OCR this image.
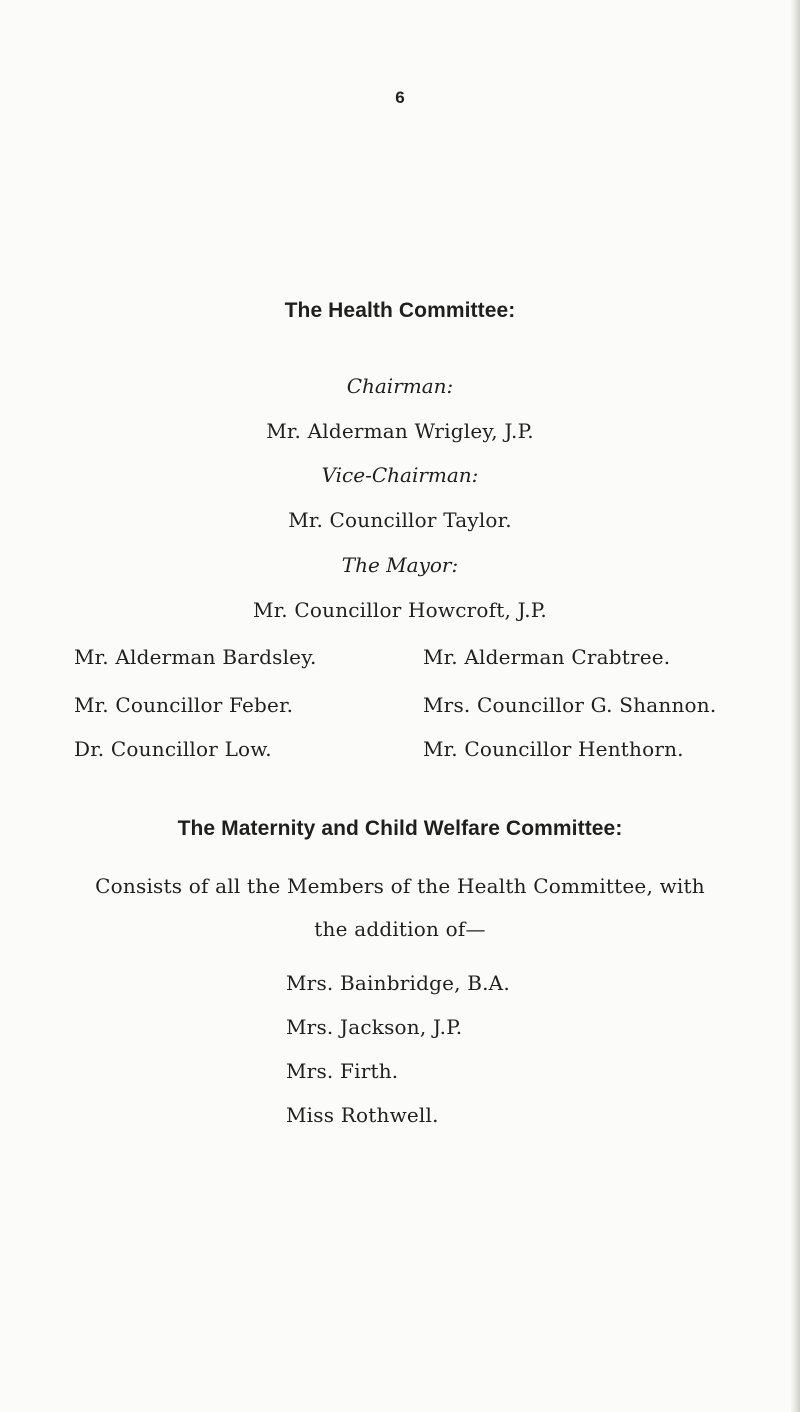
6
The Health Committee:
Chairman:
Mr. Alderman Wrigley, J.P.
Vice-Chairman:
Mr. Councillor Taylor.
The Mayor:
Mr. Councillor Howcroft, J.P.
Mr. Alderman Bardsley.
Mr. Councillor Feber.
Dr. Councillor Low.
Mr. Alderman Crabtree.
Mrs. Councillor G. Shannon.
Mr. Councillor Henthorn.
The Maternity and Child Welfare Committee:
Consists of all the Members of the Health Committee, with
the addition of—
Mrs. Bainbridge, B.A.
Mrs. Jackson, J.P.
Mrs. Firth.
Miss Rothwell.
